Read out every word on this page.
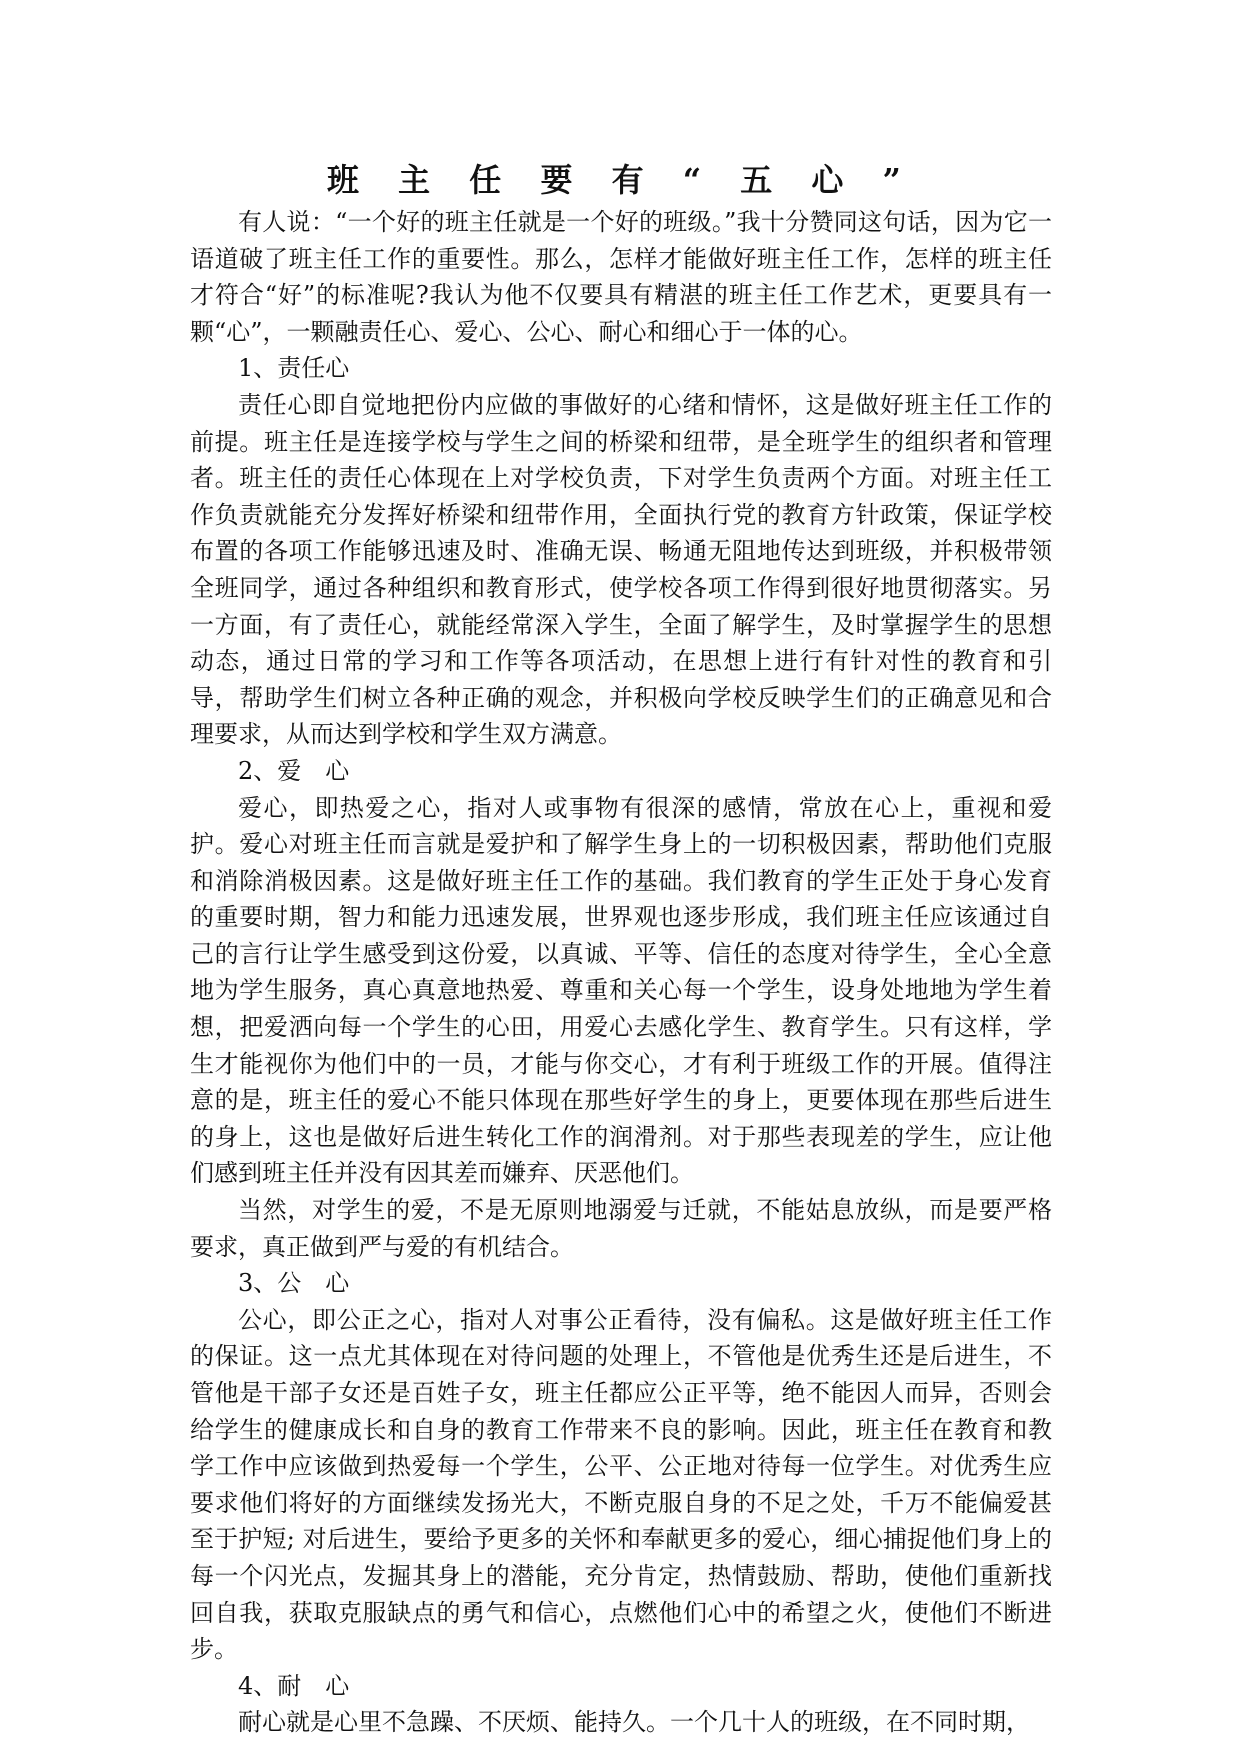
班 主 任 要 有 “ 五 心 ”

有人说：“一个好的班主任就是一个好的班级。”我十分赞同这句话，因为它一语道破了班主任工作的重要性。那么，怎样才能做好班主任工作，怎样的班主任才符合“好”的标准呢?我认为他不仅要具有精湛的班主任工作艺术，更要具有一颗“心”，一颗融责任心、爱心、公心、耐心和细心于一体的心。

1、责任心

责任心即自觉地把份内应做的事做好的心绪和情怀，这是做好班主任工作的前提。班主任是连接学校与学生之间的桥梁和纽带，是全班学生的组织者和管理者。班主任的责任心体现在上对学校负责，下对学生负责两个方面。对班主任工作负责就能充分发挥好桥梁和纽带作用，全面执行党的教育方针政策，保证学校布置的各项工作能够迅速及时、准确无误、畅通无阻地传达到班级，并积极带领全班同学，通过各种组织和教育形式，使学校各项工作得到很好地贯彻落实。另一方面，有了责任心，就能经常深入学生，全面了解学生，及时掌握学生的思想动态，通过日常的学习和工作等各项活动，在思想上进行有针对性的教育和引导，帮助学生们树立各种正确的观念，并积极向学校反映学生们的正确意见和合理要求，从而达到学校和学生双方满意。

2、爱　心

爱心，即热爱之心，指对人或事物有很深的感情，常放在心上，重视和爱护。爱心对班主任而言就是爱护和了解学生身上的一切积极因素，帮助他们克服和消除消极因素。这是做好班主任工作的基础。我们教育的学生正处于身心发育的重要时期，智力和能力迅速发展，世界观也逐步形成，我们班主任应该通过自己的言行让学生感受到这份爱，以真诚、平等、信任的态度对待学生，全心全意地为学生服务，真心真意地热爱、尊重和关心每一个学生，设身处地地为学生着想，把爱洒向每一个学生的心田，用爱心去感化学生、教育学生。只有这样，学生才能视你为他们中的一员，才能与你交心，才有利于班级工作的开展。值得注意的是，班主任的爱心不能只体现在那些好学生的身上，更要体现在那些后进生的身上，这也是做好后进生转化工作的润滑剂。对于那些表现差的学生，应让他们感到班主任并没有因其差而嫌弃、厌恶他们。

当然，对学生的爱，不是无原则地溺爱与迁就，不能姑息放纵，而是要严格要求，真正做到严与爱的有机结合。

3、公　心

公心，即公正之心，指对人对事公正看待，没有偏私。这是做好班主任工作的保证。这一点尤其体现在对待问题的处理上，不管他是优秀生还是后进生，不管他是干部子女还是百姓子女，班主任都应公正平等，绝不能因人而异，否则会给学生的健康成长和自身的教育工作带来不良的影响。因此，班主任在教育和教学工作中应该做到热爱每一个学生，公平、公正地对待每一位学生。对优秀生应要求他们将好的方面继续发扬光大，不断克服自身的不足之处，千万不能偏爱甚至于护短; 对后进生，要给予更多的关怀和奉献更多的爱心，细心捕捉他们身上的每一个闪光点，发掘其身上的潜能，充分肯定，热情鼓励、帮助，使他们重新找回自我，获取克服缺点的勇气和信心，点燃他们心中的希望之火，使他们不断进步。

4、耐　心

耐心就是心里不急躁、不厌烦、能持久。一个几十人的班级，在不同时期，
